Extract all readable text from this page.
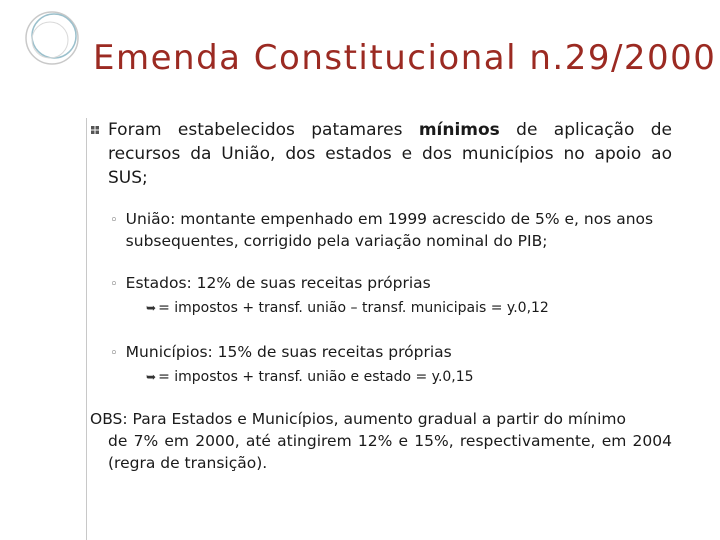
Emenda Constitucional n.29/2000
Foram estabelecidos patamares mínimos de aplicação de recursos da União, dos estados e dos municípios no apoio ao SUS;
◦ União: montante empenhado em 1999 acrescido de 5% e, nos anos subsequentes, corrigido pela variação nominal do PIB;
◦ Estados: 12% de suas receitas próprias
➥ = impostos + transf. união – transf. municipais = y.0,12
◦ Municípios: 15% de suas receitas próprias
➥ = impostos + transf. união e estado = y.0,15
OBS: Para Estados e Municípios, aumento gradual a partir do mínimo
de 7% em 2000, até atingirem 12% e 15%, respectivamente, em 2004 (regra de transição).
